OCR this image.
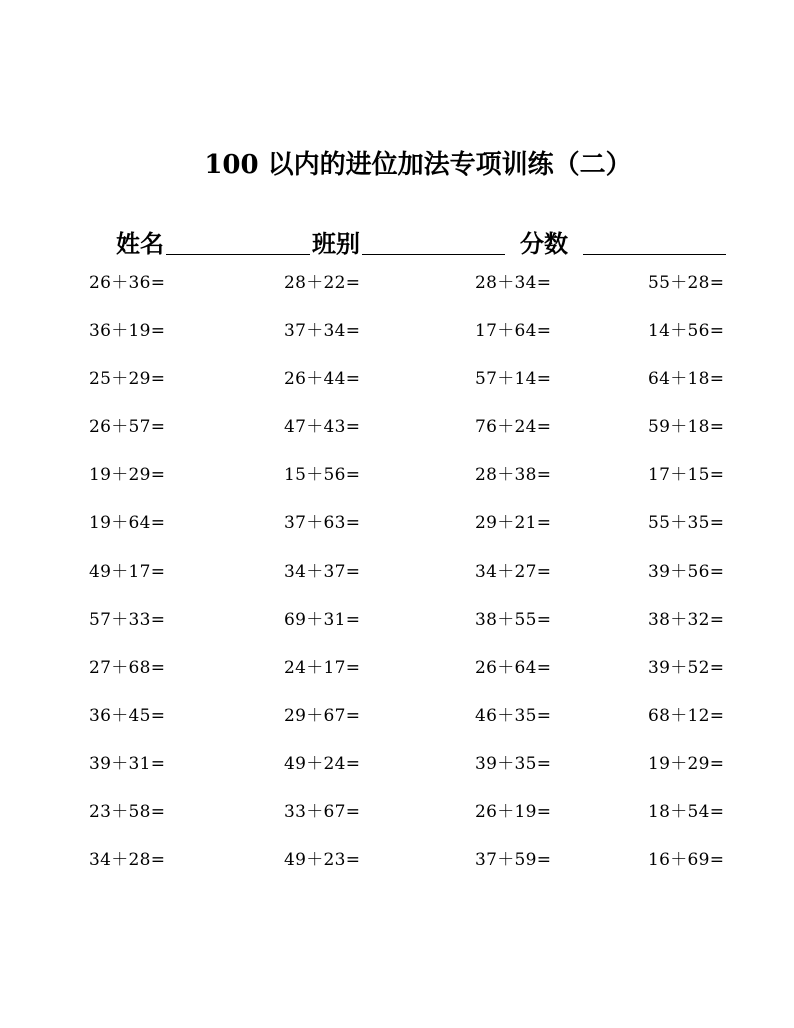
100 以内的进位加法专项训练（二）
姓名	班别	分数
26＋36=	28＋22=	28＋34=	55＋28=
36＋19=	37＋34=	17＋64=	14＋56=
25＋29=	26＋44=	57＋14=	64＋18=
26＋57=	47＋43=	76＋24=	59＋18=
19＋29=	15＋56=	28＋38=	17＋15=
19＋64=	37＋63=	29＋21=	55＋35=
49＋17=	34＋37=	34＋27=	39＋56=
57＋33=	69＋31=	38＋55=	38＋32=
27＋68=	24＋17=	26＋64=	39＋52=
36＋45=	29＋67=	46＋35=	68＋12=
39＋31=	49＋24=	39＋35=	19＋29=
23＋58=	33＋67=	26＋19=	18＋54=
34＋28=	49＋23=	37＋59=	16＋69=
